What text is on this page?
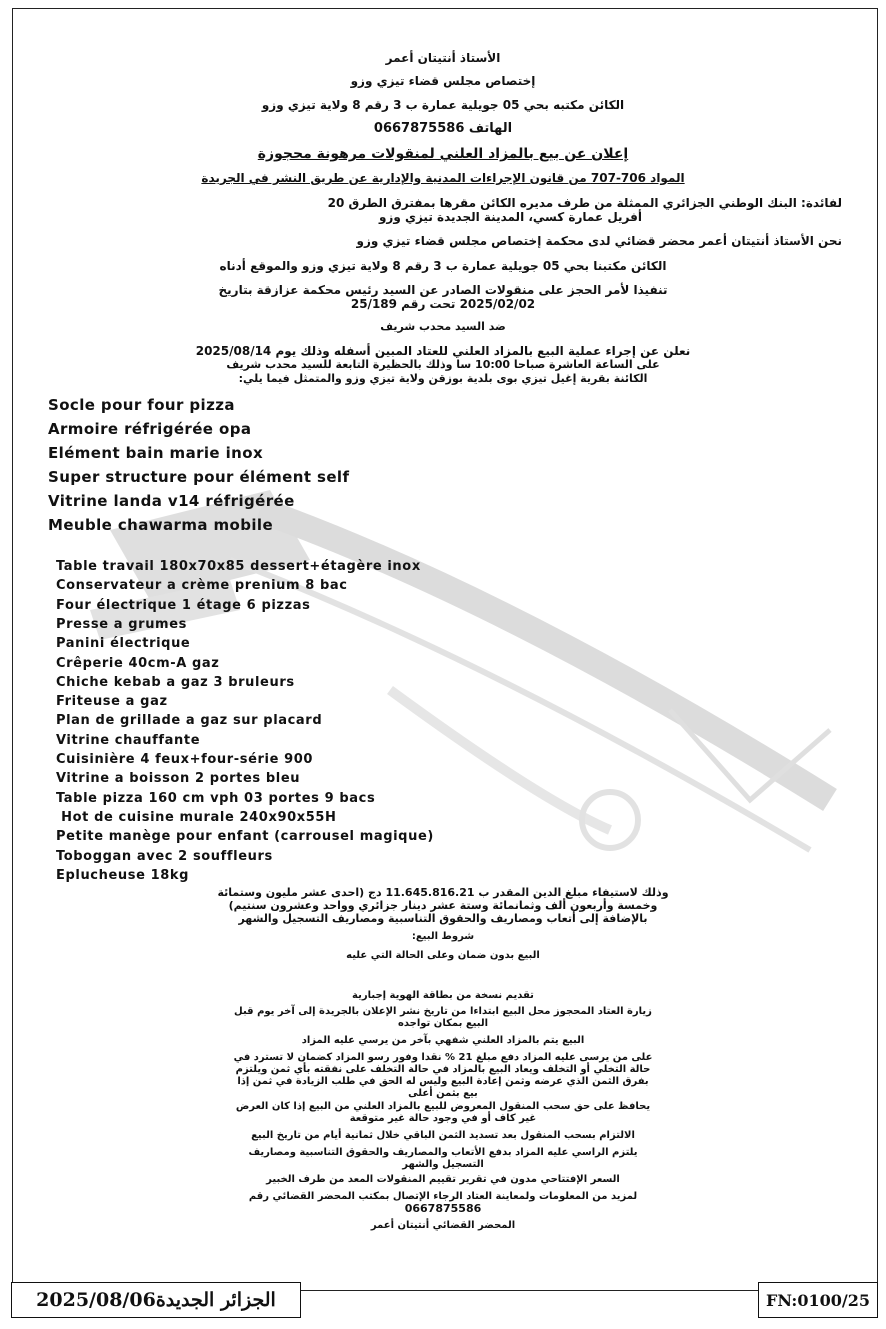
الأستاذ أنتيتان أعمر
إختصاص مجلس قضاء تيزي وزو
الكائن مكتبه بحي 05 جويلية عمارة ب 3 رقم 8 ولاية تيزي وزو
الهاتف 0667875586
إعلان عن بيع بالمزاد العلني لمنقولات مرهونة محجوزة
المواد 706-707 من قانون الإجراءات المدنية والإدارية عن طريق النشر في الجريدة
لفائدة: البنك الوطني الجزائري الممثلة من طرف مديره الكائن مقرها بمفترق الطرق 20
أفريل عمارة كسي، المدينة الجديدة تيزي وزو
نحن الأستاذ أنتيتان أعمر محضر قضائي لدى محكمة إختصاص مجلس قضاء تيزي وزو
الكائن مكتبنا بحي 05 جويلية عمارة ب 3 رقم 8 ولاية تيزي وزو والموقع أدناه
تنفيذا لأمر الحجز على منقولات الصادر عن السيد رئيس محكمة عزازقة بتاريخ
2025/02/02 تحت رقم 25/189
ضد السيد محدب شريف
نعلن عن إجراء عملية البيع بالمزاد العلني للعتاد المبين أسفله وذلك يوم 2025/08/14
على الساعة العاشرة صباحا 10:00 سا وذلك بالحظيرة التابعة للسيد محدب شريف
الكائنة بقرية إغيل تيزي بوى بلدية بوزقن ولاية تيزي وزو والمتمثل فيما يلي:
Socle pour four pizza
Armoire réfrigérée opa
Elément bain marie inox
Super structure pour élément self
Vitrine landa v14 réfrigérée
Meuble chawarma mobile
Table travail 180x70x85 dessert+étagère inox
Conservateur a crème prenium 8 bac
Four électrique 1 étage 6 pizzas
Presse a grumes
Panini électrique
Crêperie 40cm-A gaz
Chiche kebab a gaz 3 bruleurs
Friteuse a gaz
Plan de grillade a gaz sur placard
Vitrine chauffante
Cuisinière 4 feux+four-série 900
Vitrine a boisson 2 portes bleu
Table pizza 160 cm vph 03 portes 9 bacs
Hot de cuisine murale 240x90x55H
Petite manège pour enfant (carrousel magique)
Toboggan avec 2 souffleurs
Eplucheuse 18kg
وذلك لاستيفاء مبلغ الدين المقدر ب 11.645.816.21 دج (احدى عشر مليون وستمائة
وخمسة وأربعون ألف وثمانمائة وستة عشر دينار جزائري وواحد وعشرون سنتيم)
بالإضافة إلى أتعاب ومصاريف والحقوق التناسبية ومصاريف التسجيل والشهر
شروط البيع:
البيع بدون ضمان وعلى الحالة التي عليه
تقديم نسخة من بطاقة الهوية إجبارية
زيارة العتاد المحجوز محل البيع ابتداءا من تاريخ نشر الإعلان بالجريدة إلى آخر يوم قبل
البيع بمكان تواجده
البيع يتم بالمزاد العلني شفهي بآخر من يرسي عليه المزاد
على من يرسى عليه المزاد دفع مبلغ 21 % نقدا وفور رسو المزاد كضمان لا تسترد في
حالة التخلي أو التخلف ويعاد البيع بالمزاد في حالة التخلف على نفقته بأي ثمن ويلتزم
بفرق الثمن الذي عرضه وثمن إعادة البيع وليس له الحق في طلب الزيادة في ثمن إذا
بيع بثمن أعلى
يحافظ على حق سحب المنقول المعروض للبيع بالمزاد العلني من البيع إذا كان العرض
غير كاف أو في وجود حالة غير متوقعة
الالتزام بسحب المنقول بعد تسديد الثمن الباقي خلال ثمانية أيام من تاريخ البيع
يلتزم الراسي عليه المزاد بدفع الأتعاب والمصاريف والحقوق التناسبية ومصاريف
التسجيل والشهر
السعر الإفتتاحي مدون في تقرير تقييم المنقولات المعد من طرف الخبير
لمزيد من المعلومات ولمعاينة العتاد الرجاء الإتصال بمكتب المحضر القضائي رقم
0667875586
المحضر القضائي أنتيتان أعمر
الجزائر الجديدة2025/08/06	FN:0100/25
